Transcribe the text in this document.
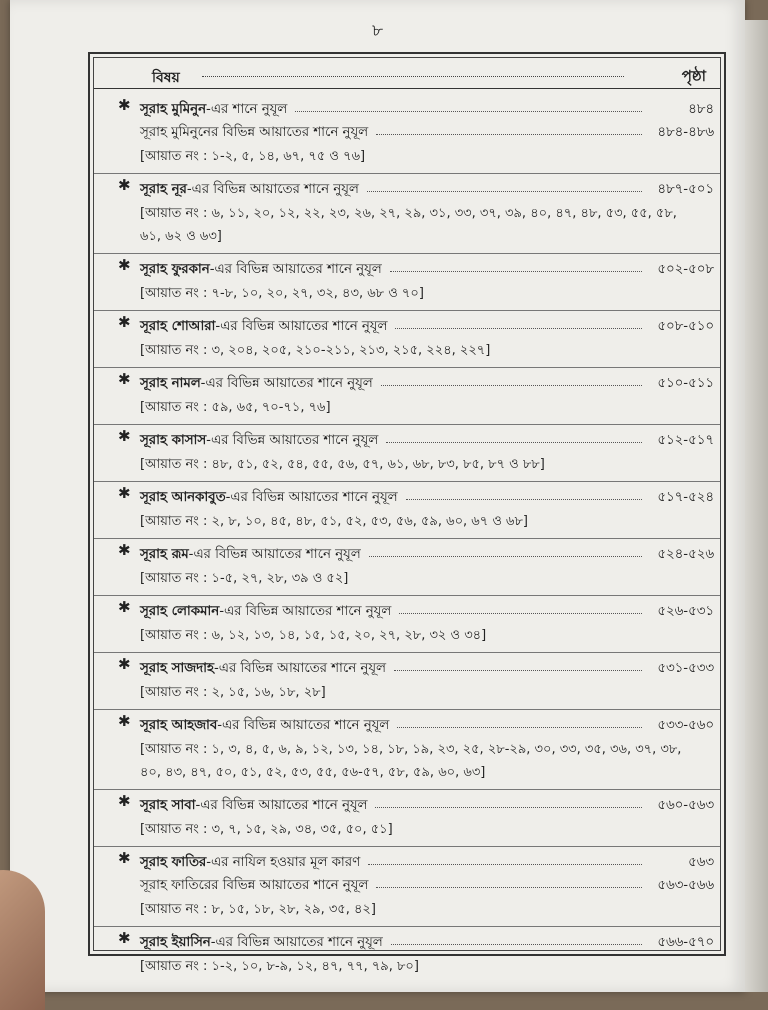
৮
বিষয়	পৃষ্ঠা
✱ সূরাহ মুমিনুন-এর শানে নুযূল	৪৮৪
সূরাহ মুমিনুনের বিভিন্ন আয়াতের শানে নুযূল	৪৮৪-৪৮৬
[আয়াত নং : ১-২, ৫, ১৪, ৬৭, ৭৫ ও ৭৬]
✱ সূরাহ নূর-এর বিভিন্ন আয়াতের শানে নুযূল	৪৮৭-৫০১
[আয়াত নং : ৬, ১১, ২০, ১২, ২২, ২৩, ২৬, ২৭, ২৯, ৩১, ৩৩, ৩৭, ৩৯, ৪০, ৪৭, ৪৮, ৫৩, ৫৫, ৫৮, ৬১, ৬২ ও ৬৩]
✱ সূরাহ ফুরকান-এর বিভিন্ন আয়াতের শানে নুযূল	৫০২-৫০৮
[আয়াত নং : ৭-৮, ১০, ২০, ২৭, ৩২, ৪৩, ৬৮ ও ৭০]
✱ সূরাহ শোআরা-এর বিভিন্ন আয়াতের শানে নুযূল	৫০৮-৫১০
[আয়াত নং : ৩, ২০৪, ২০৫, ২১০-২১১, ২১৩, ২১৫, ২২৪, ২২৭]
✱ সূরাহ নামল-এর বিভিন্ন আয়াতের শানে নুযূল	৫১০-৫১১
[আয়াত নং : ৫৯, ৬৫, ৭০-৭১, ৭৬]
✱ সূরাহ কাসাস-এর বিভিন্ন আয়াতের শানে নুযূল	৫১২-৫১৭
[আয়াত নং : ৪৮, ৫১, ৫২, ৫৪, ৫৫, ৫৬, ৫৭, ৬১, ৬৮, ৮৩, ৮৫, ৮৭ ও ৮৮]
✱ সূরাহ আনকাবুত-এর বিভিন্ন আয়াতের শানে নুযূল	৫১৭-৫২৪
[আয়াত নং : ২, ৮, ১০, ৪৫, ৪৮, ৫১, ৫২, ৫৩, ৫৬, ৫৯, ৬০, ৬৭ ও ৬৮]
✱ সূরাহ রূম-এর বিভিন্ন আয়াতের শানে নুযূল	৫২৪-৫২৬
[আয়াত নং : ১-৫, ২৭, ২৮, ৩৯ ও ৫২]
✱ সূরাহ লোকমান-এর বিভিন্ন আয়াতের শানে নুযূল	৫২৬-৫৩১
[আয়াত নং : ৬, ১২, ১৩, ১৪, ১৫, ১৫, ২০, ২৭, ২৮, ৩২ ও ৩৪]
✱ সূরাহ সাজদাহ-এর বিভিন্ন আয়াতের শানে নুযূল	৫৩১-৫৩৩
[আয়াত নং : ২, ১৫, ১৬, ১৮, ২৮]
✱ সূরাহ আহজাব-এর বিভিন্ন আয়াতের শানে নুযূল	৫৩৩-৫৬০
[আয়াত নং : ১, ৩, ৪, ৫, ৬, ৯, ১২, ১৩, ১৪, ১৮, ১৯, ২৩, ২৫, ২৮-২৯, ৩০, ৩৩, ৩৫, ৩৬, ৩৭, ৩৮, ৪০, ৪৩, ৪৭, ৫০, ৫১, ৫২, ৫৩, ৫৫, ৫৬-৫৭, ৫৮, ৫৯, ৬০, ৬৩]
✱ সূরাহ সাবা-এর বিভিন্ন আয়াতের শানে নুযূল	৫৬০-৫৬৩
[আয়াত নং : ৩, ৭, ১৫, ২৯, ৩৪, ৩৫, ৫০, ৫১]
✱ সূরাহ ফাতির-এর নাযিল হওয়ার মূল কারণ	৫৬৩
সূরাহ ফাতিরের বিভিন্ন আয়াতের শানে নুযূল	৫৬৩-৫৬৬
[আয়াত নং : ৮, ১৫, ১৮, ২৮, ২৯, ৩৫, ৪২]
✱ সূরাহ ইয়াসিন-এর বিভিন্ন আয়াতের শানে নুযূল	৫৬৬-৫৭০
[আয়াত নং : ১-২, ১০, ৮-৯, ১২, ৪৭, ৭৭, ৭৯, ৮০]
